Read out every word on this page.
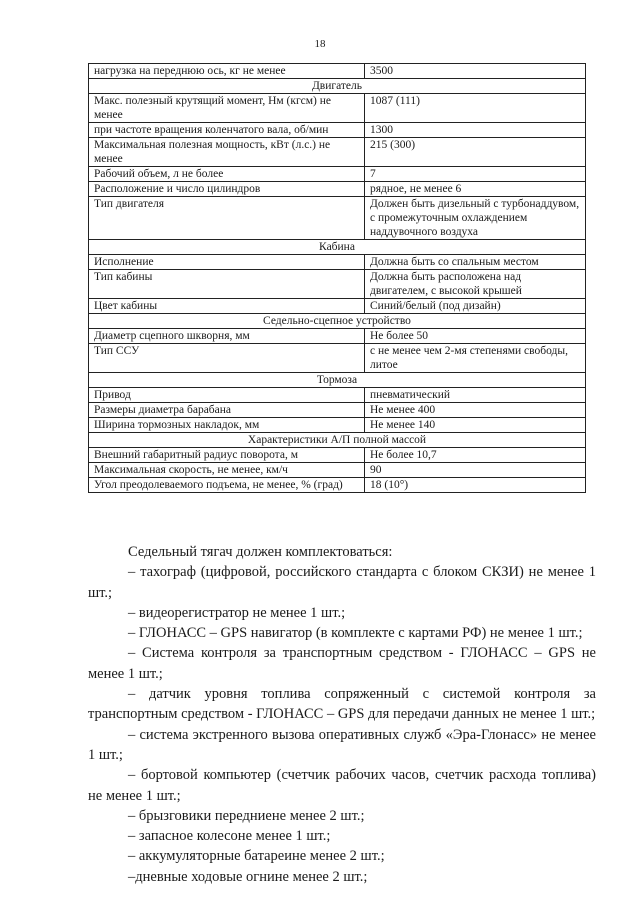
18
нагрузка на переднюю ось, кг не менее	3500
Двигатель	
Макс. полезный крутящий момент, Нм (кгсм) не менее	1087 (111)
при частоте вращения коленчатого вала, об/мин	1300
Максимальная полезная мощность, кВт (л.с.) не менее	215 (300)
Рабочий объем, л не более	7
Расположение и число цилиндров	рядное, не менее 6
Тип двигателя	Должен быть дизельный с турбонаддувом, с промежуточным охлаждением наддувочного воздуха
Кабина	
Исполнение	Должна быть со спальным местом
Тип кабины	Должна быть расположена над двигателем, с высокой крышей
Цвет кабины	Синий/белый (под дизайн)
Седельно-сцепное устройство	
Диаметр сцепного шкворня, мм	Не более 50
Тип ССУ	с не менее чем 2-мя степенями свободы, литое
Тормоза	
Привод	пневматический
Размеры диаметра барабана	Не менее 400
Ширина тормозных накладок, мм	Не менее 140
Характеристики А/П полной массой	
Внешний габаритный радиус поворота, м	Не более 10,7
Максимальная скорость, не менее, км/ч	90
Угол преодолеваемого подъема, не менее, % (град)	18 (10°)

Седельный тягач должен комплектоваться:

– тахограф (цифровой, российского стандарта с блоком СКЗИ) не менее 1 шт.;

– видеорегистратор не менее 1 шт.;

– ГЛОНАСС – GPS навигатор (в комплекте с картами РФ) не менее 1 шт.;

– Система контроля за транспортным средством - ГЛОНАСС – GPS не менее 1 шт.;

– датчик уровня топлива сопряженный с системой контроля за транспортным средством - ГЛОНАСС – GPS для передачи данных не менее 1 шт.;

– система экстренного вызова оперативных служб «Эра-Глонасс» не менее 1 шт.;

– бортовой компьютер (счетчик рабочих часов, счетчик расхода топлива) не менее 1 шт.;

– брызговики передниене менее 2 шт.;

– запасное колесоне менее 1 шт.;

– аккумуляторные батареине менее 2 шт.;

–дневные ходовые огнине менее 2 шт.;
